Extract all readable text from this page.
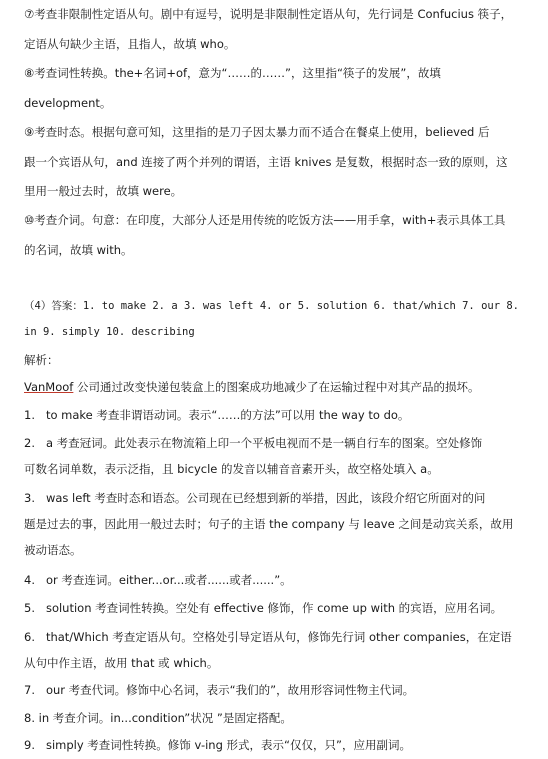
⑦考查非限制性定语从句。剧中有逗号，说明是非限制性定语从句，先行词是 Confucius 筷子，
定语从句缺少主语，且指人，故填 who。
⑧考查词性转换。the+名词+of，意为“……的……”，这里指“筷子的发展”，故填
development。
⑨考查时态。根据句意可知，这里指的是刀子因太暴力而不适合在餐桌上使用，believed 后
跟一个宾语从句，and 连接了两个并列的谓语，主语 knives 是复数，根据时态一致的原则，这
里用一般过去时，故填 were。
⑩考查介词。句意：在印度，大部分人还是用传统的吃饭方法——用手拿，with+表示具体工具
的名词，故填 with。
（4）答案：1. to make 2. a 3. was left 4. or 5. solution 6. that/which 7. our 8.
in 9. simply 10. describing
解析：
VanMoof 公司通过改变快递包装盒上的图案成功地减少了在运输过程中对其产品的损坏。
1. to make 考查非谓语动词。表示“……的方法”可以用 the way to do。
2. a 考查冠词。此处表示在物流箱上印一个平板电视而不是一辆自行车的图案。空处修饰
可数名词单数，表示泛指，且 bicycle 的发音以辅音音素开头，故空格处填入 a。
3. was left 考查时态和语态。公司现在已经想到新的举措，因此，该段介绍它所面对的问
题是过去的事，因此用一般过去时；句子的主语 the company 与 leave 之间是动宾关系，故用
被动语态。
4. or 考查连词。either...or...或者......或者......”。
5. solution 考查词性转换。空处有 effective 修饰，作 come up with 的宾语，应用名词。
6. that/Which 考查定语从句。空格处引导定语从句，修饰先行词 other companies，在定语
从句中作主语，故用 that 或 which。
7. our 考查代词。修饰中心名词，表示“我们的”，故用形容词性物主代词。
8. in 考查介词。in...condition”状况 ”是固定搭配。
9. simply 考查词性转换。修饰 v-ing 形式，表示“仅仅，只”，应用副词。
